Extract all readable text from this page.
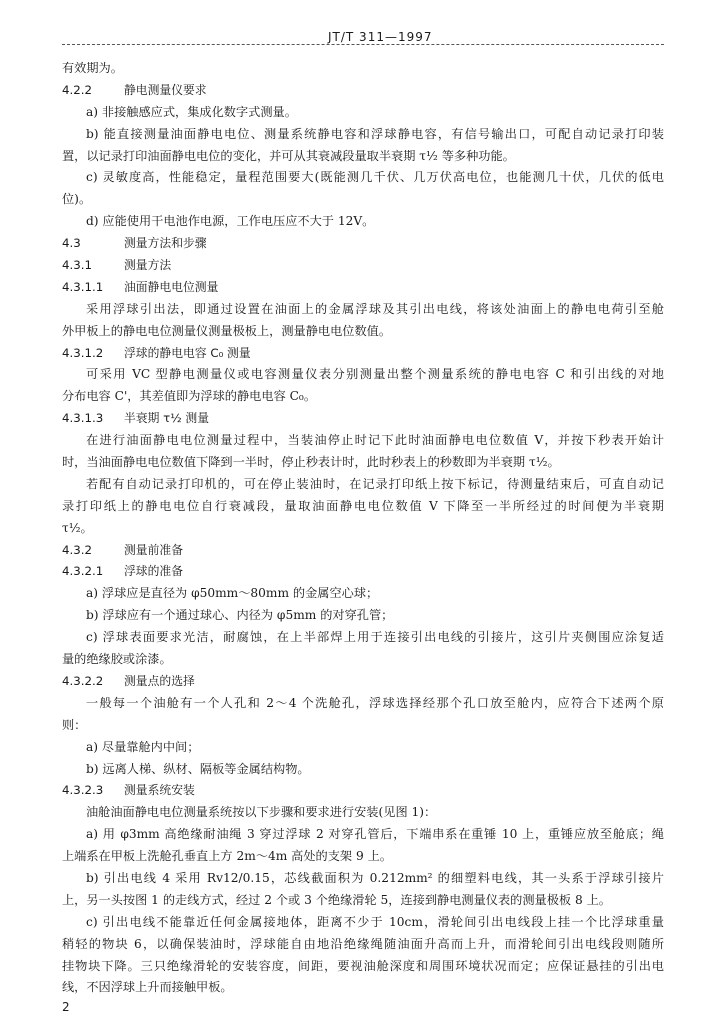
JT/T 311—1997
有效期为。
4.2.2	静电测量仪要求
a) 非接触感应式，集成化数字式测量。
b) 能直接测量油面静电电位、测量系统静电容和浮球静电容，有信号输出口，可配自动记录打印装
置，以记录打印油面静电电位的变化，并可从其衰减段量取半衰期 τ½ 等多种功能。
c) 灵敏度高，性能稳定，量程范围要大(既能测几千伏、几万伏高电位，也能测几十伏，几伏的低电
位)。
d) 应能使用干电池作电源，工作电压应不大于 12V。
4.3	测量方法和步骤
4.3.1	测量方法
4.3.1.1 油面静电电位测量
采用浮球引出法，即通过设置在油面上的金属浮球及其引出电线，将该处油面上的静电电荷引至舱
外甲板上的静电电位测量仪测量极板上，测量静电电位数值。
4.3.1.2 浮球的静电电容 C₀ 测量
可采用 VC 型静电测量仪或电容测量仪表分别测量出整个测量系统的静电电容 C 和引出线的对地
分布电容 C'，其差值即为浮球的静电电容 C₀。
4.3.1.3 半衰期 τ½ 测量
在进行油面静电电位测量过程中，当装油停止时记下此时油面静电电位数值 V，并按下秒表开始计
时，当油面静电电位数值下降到一半时，停止秒表计时，此时秒表上的秒数即为半衰期 τ½。
若配有自动记录打印机的，可在停止装油时，在记录打印纸上按下标记，待测量结束后，可直自动记
录打印纸上的静电电位自行衰减段，量取油面静电电位数值 V 下降至一半所经过的时间便为半衰期
τ½。
4.3.2	测量前准备
4.3.2.1 浮球的准备
a) 浮球应是直径为 φ50mm～80mm 的金属空心球；
b) 浮球应有一个通过球心、内径为 φ5mm 的对穿孔管；
c) 浮球表面要求光洁，耐腐蚀，在上半部焊上用于连接引出电线的引接片，这引片夹侧围应涂复适
量的绝缘胶或涂漆。
4.3.2.2 测量点的选择
一般每一个油舱有一个人孔和 2～4 个洗舱孔，浮球选择经那个孔口放至舱内，应符合下述两个原
则：
a) 尽量靠舱内中间；
b) 远离人梯、纵材、隔板等金属结构物。
4.3.2.3 测量系统安装
油舱油面静电电位测量系统按以下步骤和要求进行安装(见图 1)：
a) 用 φ3mm 高绝缘耐油绳 3 穿过浮球 2 对穿孔管后，下端串系在重锤 10 上，重锤应放至舱底；绳
上端系在甲板上洗舱孔垂直上方 2m～4m 高处的支架 9 上。
b) 引出电线 4 采用 Rv12/0.15，芯线截面积为 0.212mm² 的细塑料电线，其一头系于浮球引接片
上，另一头按图 1 的走线方式，经过 2 个或 3 个绝缘滑轮 5，连接到静电测量仪表的测量极板 8 上。
c) 引出电线不能靠近任何金属接地体，距离不少于 10cm，滑轮间引出电线段上挂一个比浮球重量
稍轻的物块 6，以确保装油时，浮球能自由地沿绝缘绳随油面升高而上升，而滑轮间引出电线段则随所
挂物块下降。三只绝缘滑轮的安装容度，间距，要视油舱深度和周围环境状况而定；应保证悬挂的引出电
线，不因浮球上升而接触甲板。
2
